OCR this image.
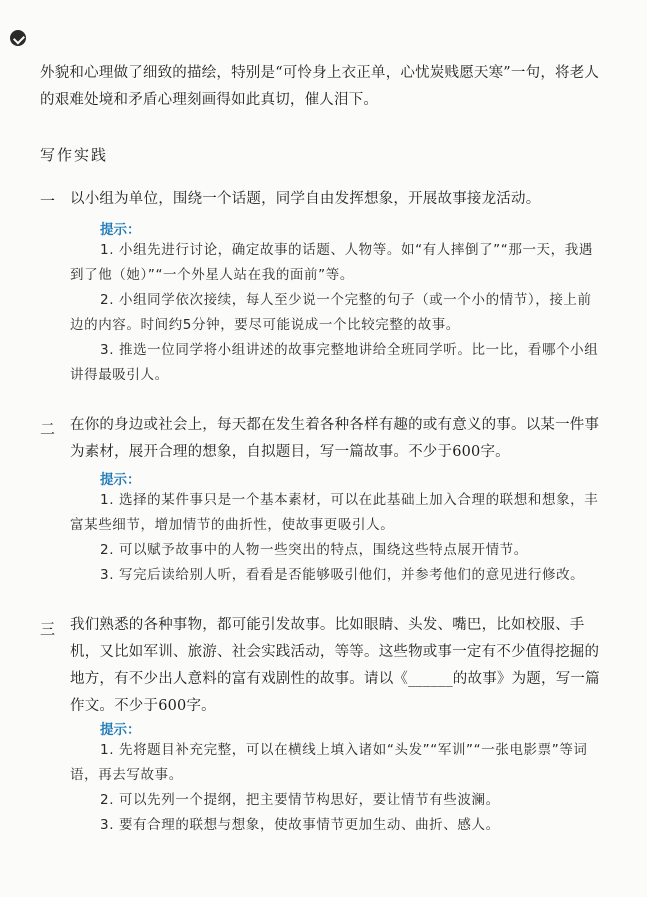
外貌和心理做了细致的描绘，特别是“可怜身上衣正单，心忧炭贱愿天寒”一句，将老人的艰难处境和矛盾心理刻画得如此真切，催人泪下。
写作实践
一 以小组为单位，围绕一个话题，同学自由发挥想象，开展故事接龙活动。
提示：
1. 小组先进行讨论，确定故事的话题、人物等。如“有人摔倒了”“那一天，我遇到了他（她）”“一个外星人站在我的面前”等。
2. 小组同学依次接续，每人至少说一个完整的句子（或一个小的情节），接上前边的内容。时间约5分钟，要尽可能说成一个比较完整的故事。
3. 推选一位同学将小组讲述的故事完整地讲给全班同学听。比一比，看哪个小组讲得最吸引人。
二 在你的身边或社会上，每天都在发生着各种各样有趣的或有意义的事。以某一件事为素材，展开合理的想象，自拟题目，写一篇故事。不少于600字。
提示：
1. 选择的某件事只是一个基本素材，可以在此基础上加入合理的联想和想象，丰富某些细节，增加情节的曲折性，使故事更吸引人。
2. 可以赋予故事中的人物一些突出的特点，围绕这些特点展开情节。
3. 写完后读给别人听，看看是否能够吸引他们，并参考他们的意见进行修改。
三 我们熟悉的各种事物，都可能引发故事。比如眼睛、头发、嘴巴，比如校服、手机，又比如军训、旅游、社会实践活动，等等。这些物或事一定有不少值得挖掘的地方，有不少出人意料的富有戏剧性的故事。请以《______的故事》为题，写一篇作文。不少于600字。
提示：
1. 先将题目补充完整，可以在横线上填入诸如“头发”“军训”“一张电影票”等词语，再去写故事。
2. 可以先列一个提纲，把主要情节构思好，要让情节有些波澜。
3. 要有合理的联想与想象，使故事情节更加生动、曲折、感人。
